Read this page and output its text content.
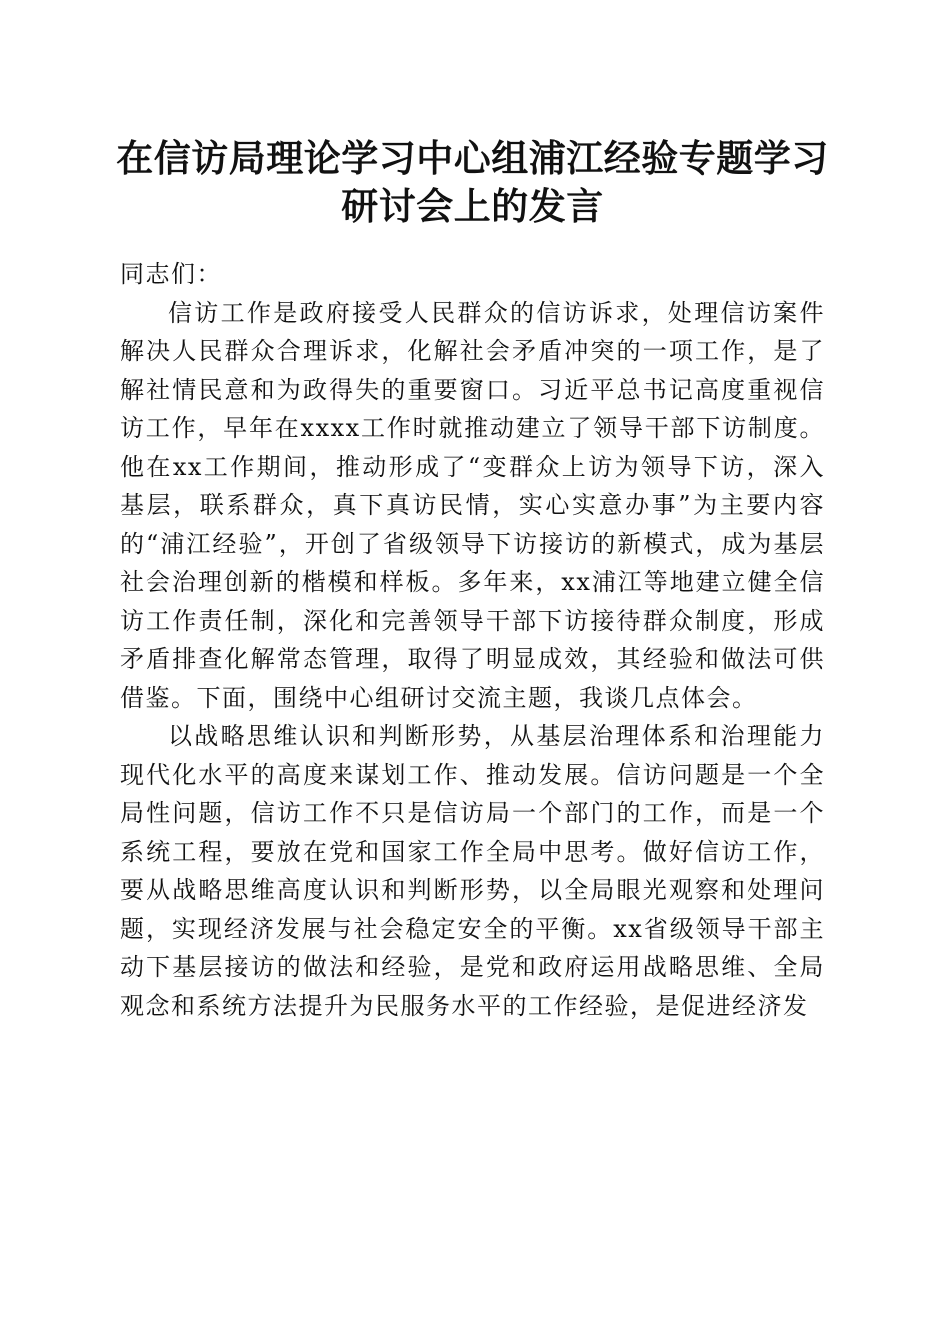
在信访局理论学习中心组浦江经验专题学习研讨会上的发言

同志们：

信访工作是政府接受人民群众的信访诉求，处理信访案件解决人民群众合理诉求，化解社会矛盾冲突的一项工作，是了解社情民意和为政得失的重要窗口。习近平总书记高度重视信访工作，早年在xxxx工作时就推动建立了领导干部下访制度。他在xx工作期间，推动形成了“变群众上访为领导下访，深入基层，联系群众，真下真访民情，实心实意办事”为主要内容的“浦江经验”，开创了省级领导下访接访的新模式，成为基层社会治理创新的楷模和样板。多年来，xx浦江等地建立健全信访工作责任制，深化和完善领导干部下访接待群众制度，形成矛盾排查化解常态管理，取得了明显成效，其经验和做法可供借鉴。下面，围绕中心组研讨交流主题，我谈几点体会。

以战略思维认识和判断形势，从基层治理体系和治理能力现代化水平的高度来谋划工作、推动发展。信访问题是一个全局性问题，信访工作不只是信访局一个部门的工作，而是一个系统工程，要放在党和国家工作全局中思考。做好信访工作，要从战略思维高度认识和判断形势，以全局眼光观察和处理问题，实现经济发展与社会稳定安全的平衡。xx省级领导干部主动下基层接访的做法和经验，是党和政府运用战略思维、全局观念和系统方法提升为民服务水平的工作经验，是促进经济发
